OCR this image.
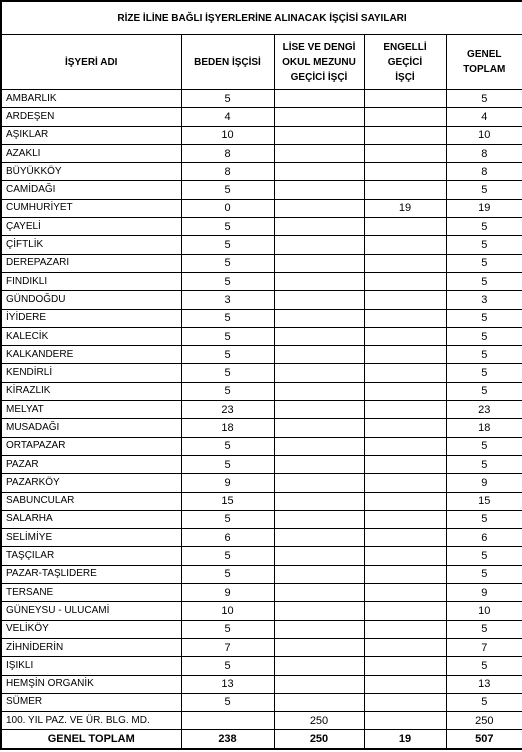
RİZE İLİNE BAĞLI İŞYERLERİNE ALINACAK İŞÇİSİ SAYILARI				
İŞYERİ ADI	BEDEN İŞÇİSİ	LİSE VE DENGİ OKUL MEZUNU GEÇİCİ İŞÇİ	ENGELLİ GEÇİCİ İŞÇİ	GENEL TOPLAM
AMBARLIK	5			5
ARDEŞEN	4			4
AŞIKLAR	10			10
AZAKLI	8			8
BÜYÜKKÖY	8			8
CAMİDAĞI	5			5
CUMHURİYET	0		19	19
ÇAYELİ	5			5
ÇİFTLİK	5			5
DEREPAZARI	5			5
FINDIKLI	5			5
GÜNDOĞDU	3			3
İYİDERE	5			5
KALECİK	5			5
KALKANDERE	5			5
KENDİRLİ	5			5
KİRAZLIK	5			5
MELYAT	23			23
MUSADAĞI	18			18
ORTAPAZAR	5			5
PAZAR	5			5
PAZARKÖY	9			9
SABUNCULAR	15			15
SALARHA	5			5
SELİMİYE	6			6
TAŞÇILAR	5			5
PAZAR-TAŞLIDERE	5			5
TERSANE	9			9
GÜNEYSU - ULUCAMİ	10			10
VELİKÖY	5			5
ZİHNİDERİN	7			7
IŞIKLI	5			5
HEMŞİN ORGANİK	13			13
SÜMER	5			5
100. YIL PAZ. VE ÜR. BLG. MD.		250		250
GENEL TOPLAM	238	250	19	507
